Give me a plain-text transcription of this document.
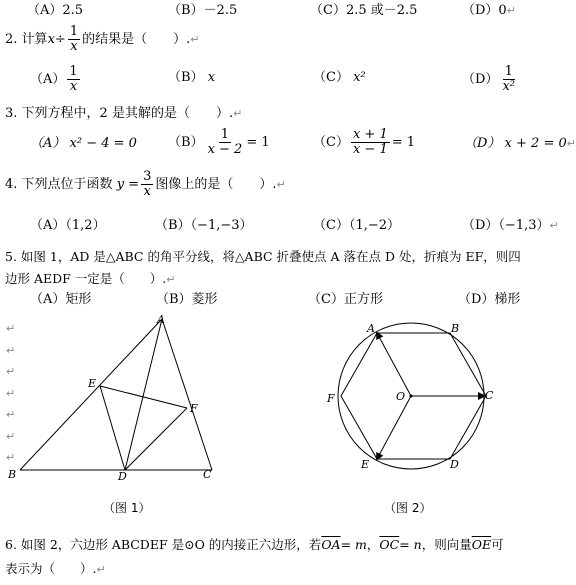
（A）2.5	（B）－2.5	（C）2.5 或－2.5	（D）0↵
2. 计算$x\div \frac{1}{x}$ 的结果是（　　）.↵
$(A) \frac{1}{x}$	（B） x	（C） x²	$(D) \frac{1}{\text{x²}}$
3. 下列方程中，2 是其解的是（　　）.↵
（A） x² − 4 = 0 $(B) \frac{1}{x - 2} = 1$	$(C) \frac{x + 1}{x - 1} = 1$	（D） x + 2 = 0↵
4. 下列点位于函数 $y = \frac{3}{x}$ 图像上的是（　　）.↵
（A）（1,2）	（B）（−1,−3）	（C）（1,−2）	（D）（−1,3）↵
5. 如图 1，AD 是△ABC 的角平分线，将△ABC 折叠使点 A 落在点 D 处，折痕为 EF，则四
边形 AEDF 一定是（　　）.↵
（A）矩形	（B）菱形	（C）正方形	（D）梯形
↵
↵
↵
↵
↵
↵
↵
A
B	C
D
E
F
（图 1）
A	B
C
D
E
F	O
（图 2）
6. 如图 2，六边形 ABCDEF 是⊙O 的内接正六边形，若$\overline{OA}= m$，$\overline{OC}= n$，则向量$\overline{OE}$可
表示为（　　）.↵
